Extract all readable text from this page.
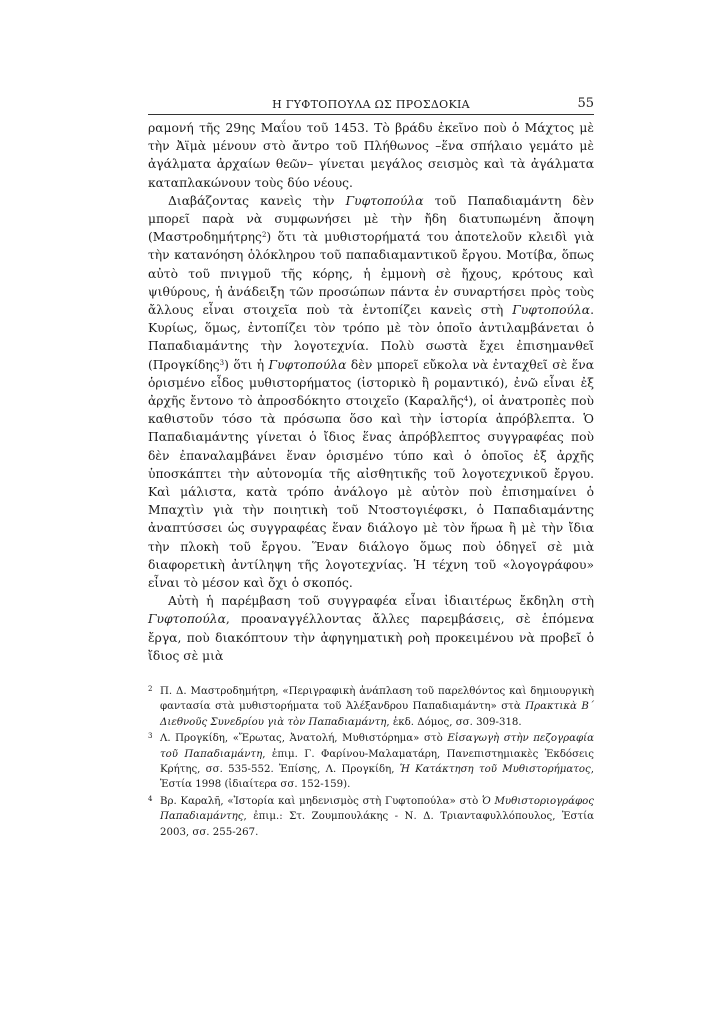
Η ΓΥΦΤΟΠΟΥΛΑ ΩΣ ΠΡΟΣΔΟΚΙΑ	55

ραμονή τῆς 29ης Μαΐου τοῦ 1453. Τὸ βράδυ ἐκεῖνο ποὺ ὁ Μάχτος μὲ τὴν Ἀϊμὰ μένουν στὸ ἄντρο τοῦ Πλήθωνος –ἕνα σπήλαιο γεμάτο μὲ ἀγάλματα ἀρχαίων θεῶν– γίνεται μεγάλος σεισμὸς καὶ τὰ ἀγάλματα καταπλακώνουν τοὺς δύο νέους.

Διαβάζοντας κανεὶς τὴν Γυφτοπούλα τοῦ Παπαδιαμάντη δὲν μπορεῖ παρὰ νὰ συμφωνήσει μὲ τὴν ἤδη διατυπωμένη ἄποψη (Μαστροδημήτρης$^2$) ὅτι τὰ μυθιστορήματά του ἀποτελοῦν κλειδὶ γιὰ τὴν κατανόηση ὁλόκληρου τοῦ παπαδιαμαντικοῦ ἔργου. Μοτίβα, ὅπως αὐτὸ τοῦ πνιγμοῦ τῆς κόρης, ἡ ἐμμονὴ σὲ ἤχους, κρότους καὶ ψιθύρους, ἡ ἀνάδειξη τῶν προσώπων πάντα ἐν συναρτήσει πρὸς τοὺς ἄλλους εἶναι στοιχεῖα ποὺ τὰ ἐντοπίζει κανεὶς στὴ Γυφτοπούλα. Κυρίως, ὅμως, ἐντοπίζει τὸν τρόπο μὲ τὸν ὁποῖο ἀντιλαμβάνεται ὁ Παπαδιαμάντης τὴν λογοτεχνία. Πολὺ σωστὰ ἔχει ἐπισημανθεῖ (Προγκίδης$^3$) ὅτι ἡ Γυφτοπούλα δὲν μπορεῖ εὔκολα νὰ ἐνταχθεῖ σὲ ἕνα ὁρισμένο εἶδος μυθιστορήματος (ἱστορικὸ ἢ ρομαντικό), ἐνῶ εἶναι ἐξ ἀρχῆς ἔντονο τὸ ἀπροσδόκητο στοιχεῖο (Καραλῆς$^4$), οἱ ἀνατροπὲς ποὺ καθιστοῦν τόσο τὰ πρόσωπα ὅσο καὶ τὴν ἱστορία ἀπρόβλεπτα. Ὁ Παπαδιαμάντης γίνεται ὁ ἴδιος ἕνας ἀπρόβλεπτος συγγραφέας ποὺ δὲν ἐπαναλαμβάνει ἕναν ὁρισμένο τύπο καὶ ὁ ὁποῖος ἐξ ἀρχῆς ὑποσκάπτει τὴν αὐτονομία τῆς αἰσθητικῆς τοῦ λογοτεχνικοῦ ἔργου. Καὶ μάλιστα, κατὰ τρόπο ἀνάλογο μὲ αὐτὸν ποὺ ἐπισημαίνει ὁ Μπαχτὶν γιὰ τὴν ποιητικὴ τοῦ Ντοστογιέφσκι, ὁ Παπαδιαμάντης ἀναπτύσσει ὡς συγγραφέας ἕναν διάλογο μὲ τὸν ἥρωα ἢ μὲ τὴν ἴδια τὴν πλοκὴ τοῦ ἔργου. Ἕναν διάλογο ὅμως ποὺ ὁδηγεῖ σὲ μιὰ διαφορετικὴ ἀντίληψη τῆς λογοτεχνίας. Ἡ τέχνη τοῦ «λογογράφου» εἶναι τὸ μέσον καὶ ὄχι ὁ σκοπός.

Αὐτὴ ἡ παρέμβαση τοῦ συγγραφέα εἶναι ἰδιαιτέρως ἔκδηλη στὴ Γυφτοπούλα, προαναγγέλλοντας ἄλλες παρεμβάσεις, σὲ ἑπόμενα ἔργα, ποὺ διακόπτουν τὴν ἀφηγηματικὴ ροὴ προκειμένου νὰ προβεῖ ὁ ἴδιος σὲ μιὰ

2 Π. Δ. Μαστροδημήτρη, «Περιγραφικὴ ἀνάπλαση τοῦ παρελθόντος καὶ δημιουργικὴ φαντασία στὰ μυθιστορήματα τοῦ Ἀλέξανδρου Παπαδιαμάντη» στὰ Πρακτικὰ Β΄ Διεθνοῦς Συνεδρίου γιὰ τὸν Παπαδιαμάντη, ἐκδ. Δόμος, σσ. 309-318.
3 Λ. Προγκίδη, «Ἔρωτας, Ἀνατολή, Μυθιστόρημα» στὸ Εἰσαγωγὴ στὴν πεζογραφία τοῦ Παπαδιαμάντη, ἐπιμ. Γ. Φαρίνου-Μαλαματάρη, Πανεπιστημιακὲς Ἐκδόσεις Κρήτης, σσ. 535-552. Ἐπίσης, Λ. Προγκίδη, Ἡ Κατάκτηση τοῦ Μυθιστορήματος, Ἑστία 1998 (ἰδιαίτερα σσ. 152-159).
4 Βρ. Καραλῆ, «Ἱστορία καὶ μηδενισμὸς στὴ Γυφτοπούλα» στὸ Ὁ Μυθιστοριογράφος Παπαδιαμάντης, ἐπιμ.: Στ. Ζουμπουλάκης - Ν. Δ. Τριανταφυλλόπουλος, Ἑστία 2003, σσ. 255-267.
